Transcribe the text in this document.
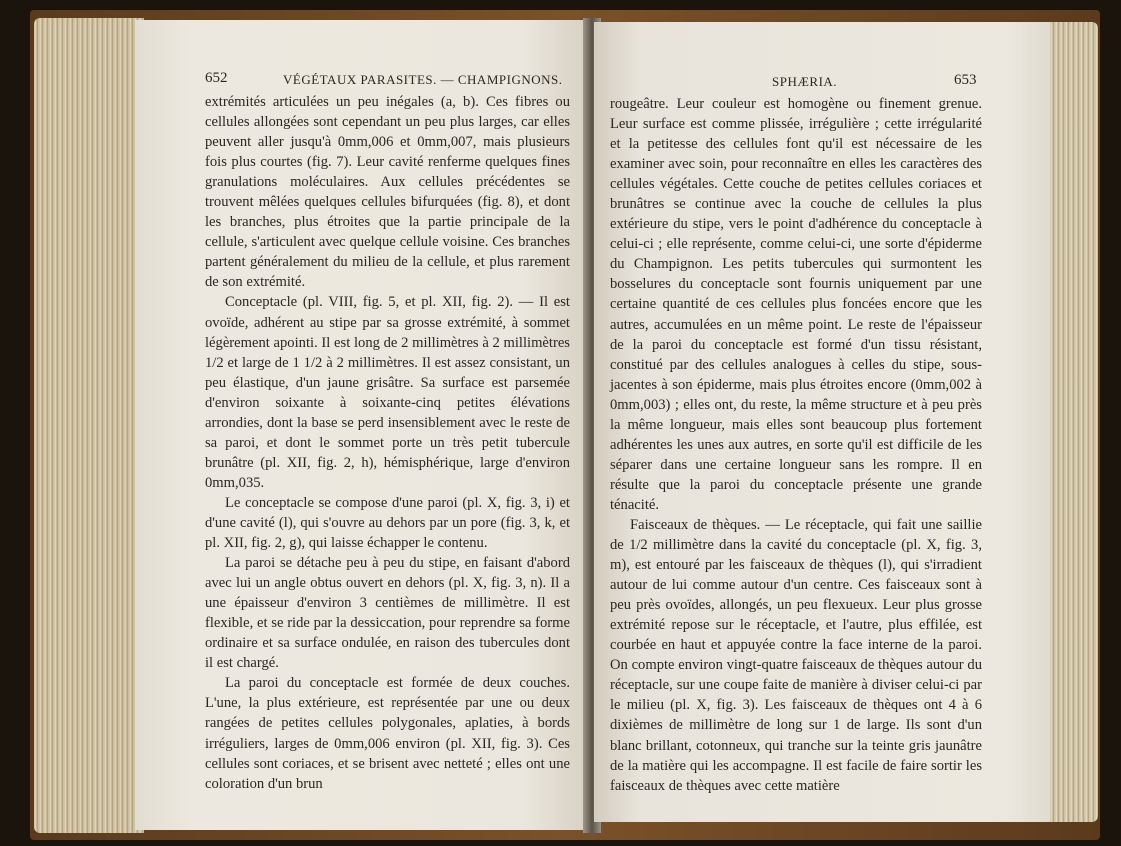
652	VÉGÉTAUX PARASITES. — CHAMPIGNONS.

extrémités articulées un peu inégales (a, b). Ces fibres ou cellules allongées sont cependant un peu plus larges, car elles peuvent aller jusqu'à 0mm,006 et 0mm,007, mais plusieurs fois plus courtes (fig. 7). Leur cavité renferme quelques fines granulations moléculaires. Aux cellules précédentes se trouvent mêlées quelques cellules bifurquées (fig. 8), et dont les branches, plus étroites que la partie principale de la cellule, s'articulent avec quelque cellule voisine. Ces branches partent généralement du milieu de la cellule, et plus rarement de son extrémité.

Conceptacle (pl. VIII, fig. 5, et pl. XII, fig. 2). — Il est ovoïde, adhérent au stipe par sa grosse extrémité, à sommet légèrement apointi. Il est long de 2 millimètres à 2 millimètres 1/2 et large de 1 1/2 à 2 millimètres. Il est assez consistant, un peu élastique, d'un jaune grisâtre. Sa surface est parsemée d'environ soixante à soixante-cinq petites élévations arrondies, dont la base se perd insensiblement avec le reste de sa paroi, et dont le sommet porte un très petit tubercule brunâtre (pl. XII, fig. 2, h), hémisphérique, large d'environ 0mm,035.

Le conceptacle se compose d'une paroi (pl. X, fig. 3, i) et d'une cavité (l), qui s'ouvre au dehors par un pore (fig. 3, k, et pl. XII, fig. 2, g), qui laisse échapper le contenu.

La paroi se détache peu à peu du stipe, en faisant d'abord avec lui un angle obtus ouvert en dehors (pl. X, fig. 3, n). Il a une épaisseur d'environ 3 centièmes de millimètre. Il est flexible, et se ride par la dessiccation, pour reprendre sa forme ordinaire et sa surface ondulée, en raison des tubercules dont il est chargé.

La paroi du conceptacle est formée de deux couches. L'une, la plus extérieure, est représentée par une ou deux rangées de petites cellules polygonales, aplaties, à bords irréguliers, larges de 0mm,006 environ (pl. XII, fig. 3). Ces cellules sont coriaces, et se brisent avec netteté ; elles ont une coloration d'un brun

SPHÆRIA.	653

rougeâtre. Leur couleur est homogène ou finement grenue. Leur surface est comme plissée, irrégulière ; cette irrégularité et la petitesse des cellules font qu'il est nécessaire de les examiner avec soin, pour reconnaître en elles les caractères des cellules végétales. Cette couche de petites cellules coriaces et brunâtres se continue avec la couche de cellules la plus extérieure du stipe, vers le point d'adhérence du conceptacle à celui-ci ; elle représente, comme celui-ci, une sorte d'épiderme du Champignon. Les petits tubercules qui surmontent les bosselures du conceptacle sont fournis uniquement par une certaine quantité de ces cellules plus foncées encore que les autres, accumulées en un même point. Le reste de l'épaisseur de la paroi du conceptacle est formé d'un tissu résistant, constitué par des cellules analogues à celles du stipe, sous-jacentes à son épiderme, mais plus étroites encore (0mm,002 à 0mm,003) ; elles ont, du reste, la même structure et à peu près la même longueur, mais elles sont beaucoup plus fortement adhérentes les unes aux autres, en sorte qu'il est difficile de les séparer dans une certaine longueur sans les rompre. Il en résulte que la paroi du conceptacle présente une grande ténacité.

Faisceaux de thèques. — Le réceptacle, qui fait une saillie de 1/2 millimètre dans la cavité du conceptacle (pl. X, fig. 3, m), est entouré par les faisceaux de thèques (l), qui s'irradient autour de lui comme autour d'un centre. Ces faisceaux sont à peu près ovoïdes, allongés, un peu flexueux. Leur plus grosse extrémité repose sur le réceptacle, et l'autre, plus effilée, est courbée en haut et appuyée contre la face interne de la paroi. On compte environ vingt-quatre faisceaux de thèques autour du réceptacle, sur une coupe faite de manière à diviser celui-ci par le milieu (pl. X, fig. 3). Les faisceaux de thèques ont 4 à 6 dixièmes de millimètre de long sur 1 de large. Ils sont d'un blanc brillant, cotonneux, qui tranche sur la teinte gris jaunâtre de la matière qui les accompagne. Il est facile de faire sortir les faisceaux de thèques avec cette matière
